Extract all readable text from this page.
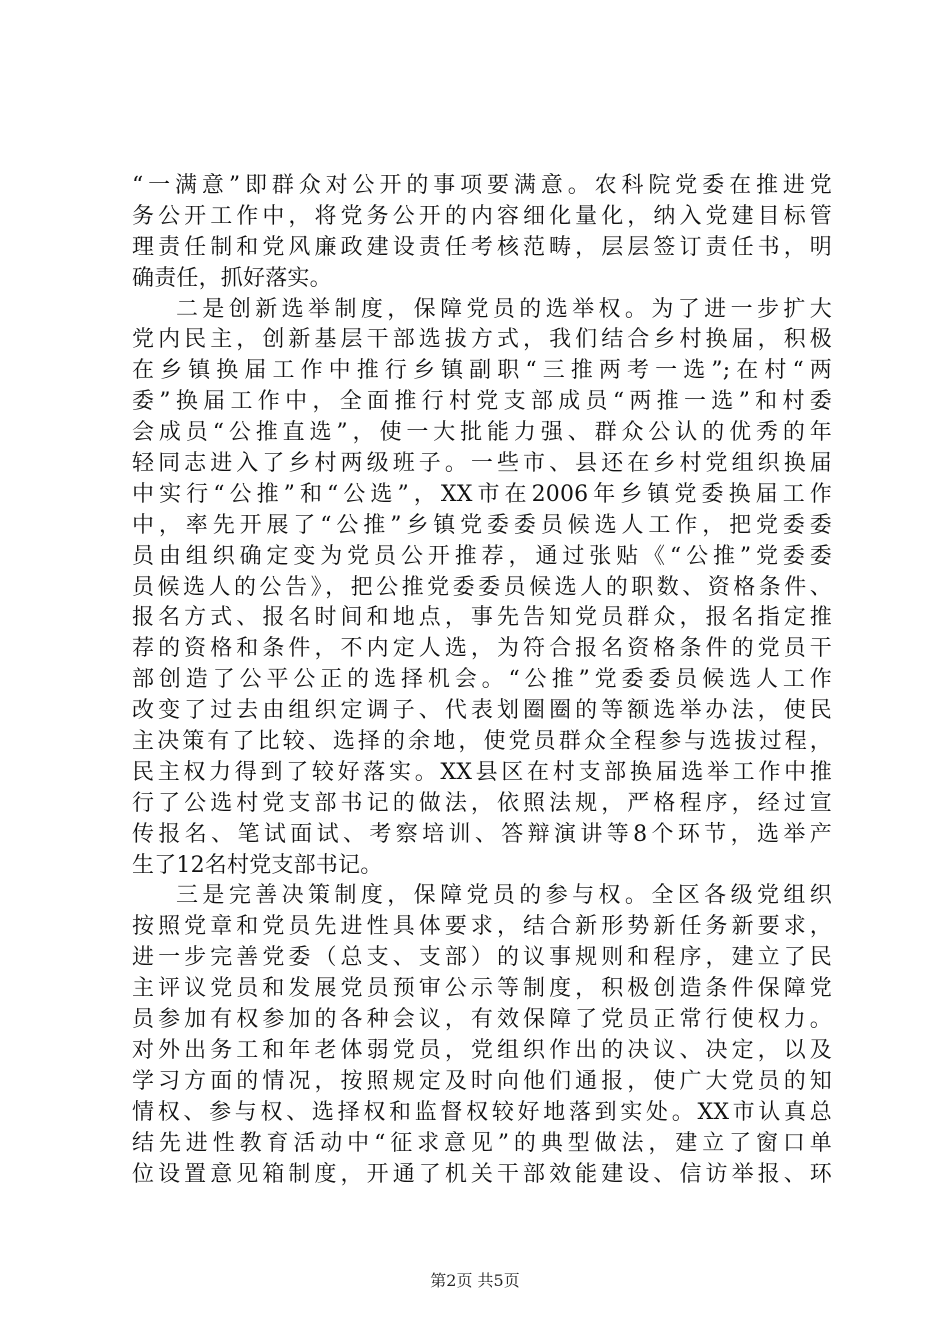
“一满意”即群众对公开的事项要满意。农科院党委在推进党
务公开工作中，将党务公开的内容细化量化，纳入党建目标管
理责任制和党风廉政建设责任考核范畴，层层签订责任书，明
确责任，抓好落实。
二是创新选举制度，保障党员的选举权。为了进一步扩大
党内民主，创新基层干部选拔方式，我们结合乡村换届，积极
在乡镇换届工作中推行乡镇副职“三推两考一选”;在村“两
委”换届工作中，全面推行村党支部成员“两推一选”和村委
会成员“公推直选”，使一大批能力强、群众公认的优秀的年
轻同志进入了乡村两级班子。一些市、县还在乡村党组织换届
中实行“公推”和“公选”，XX市在2006年乡镇党委换届工作
中，率先开展了“公推”乡镇党委委员候选人工作，把党委委
员由组织确定变为党员公开推荐，通过张贴《“公推”党委委
员候选人的公告》，把公推党委委员候选人的职数、资格条件、
报名方式、报名时间和地点，事先告知党员群众，报名指定推
荐的资格和条件，不内定人选，为符合报名资格条件的党员干
部创造了公平公正的选择机会。“公推”党委委员候选人工作
改变了过去由组织定调子、代表划圈圈的等额选举办法，使民
主决策有了比较、选择的余地，使党员群众全程参与选拔过程，
民主权力得到了较好落实。XX县区在村支部换届选举工作中推
行了公选村党支部书记的做法，依照法规，严格程序，经过宣
传报名、笔试面试、考察培训、答辩演讲等8个环节，选举产
生了12名村党支部书记。
三是完善决策制度，保障党员的参与权。全区各级党组织
按照党章和党员先进性具体要求，结合新形势新任务新要求，
进一步完善党委（总支、支部）的议事规则和程序，建立了民
主评议党员和发展党员预审公示等制度，积极创造条件保障党
员参加有权参加的各种会议，有效保障了党员正常行使权力。
对外出务工和年老体弱党员，党组织作出的决议、决定，以及
学习方面的情况，按照规定及时向他们通报，使广大党员的知
情权、参与权、选择权和监督权较好地落到实处。XX市认真总
结先进性教育活动中“征求意见”的典型做法，建立了窗口单
位设置意见箱制度，开通了机关干部效能建设、信访举报、环
第2页 共5页
